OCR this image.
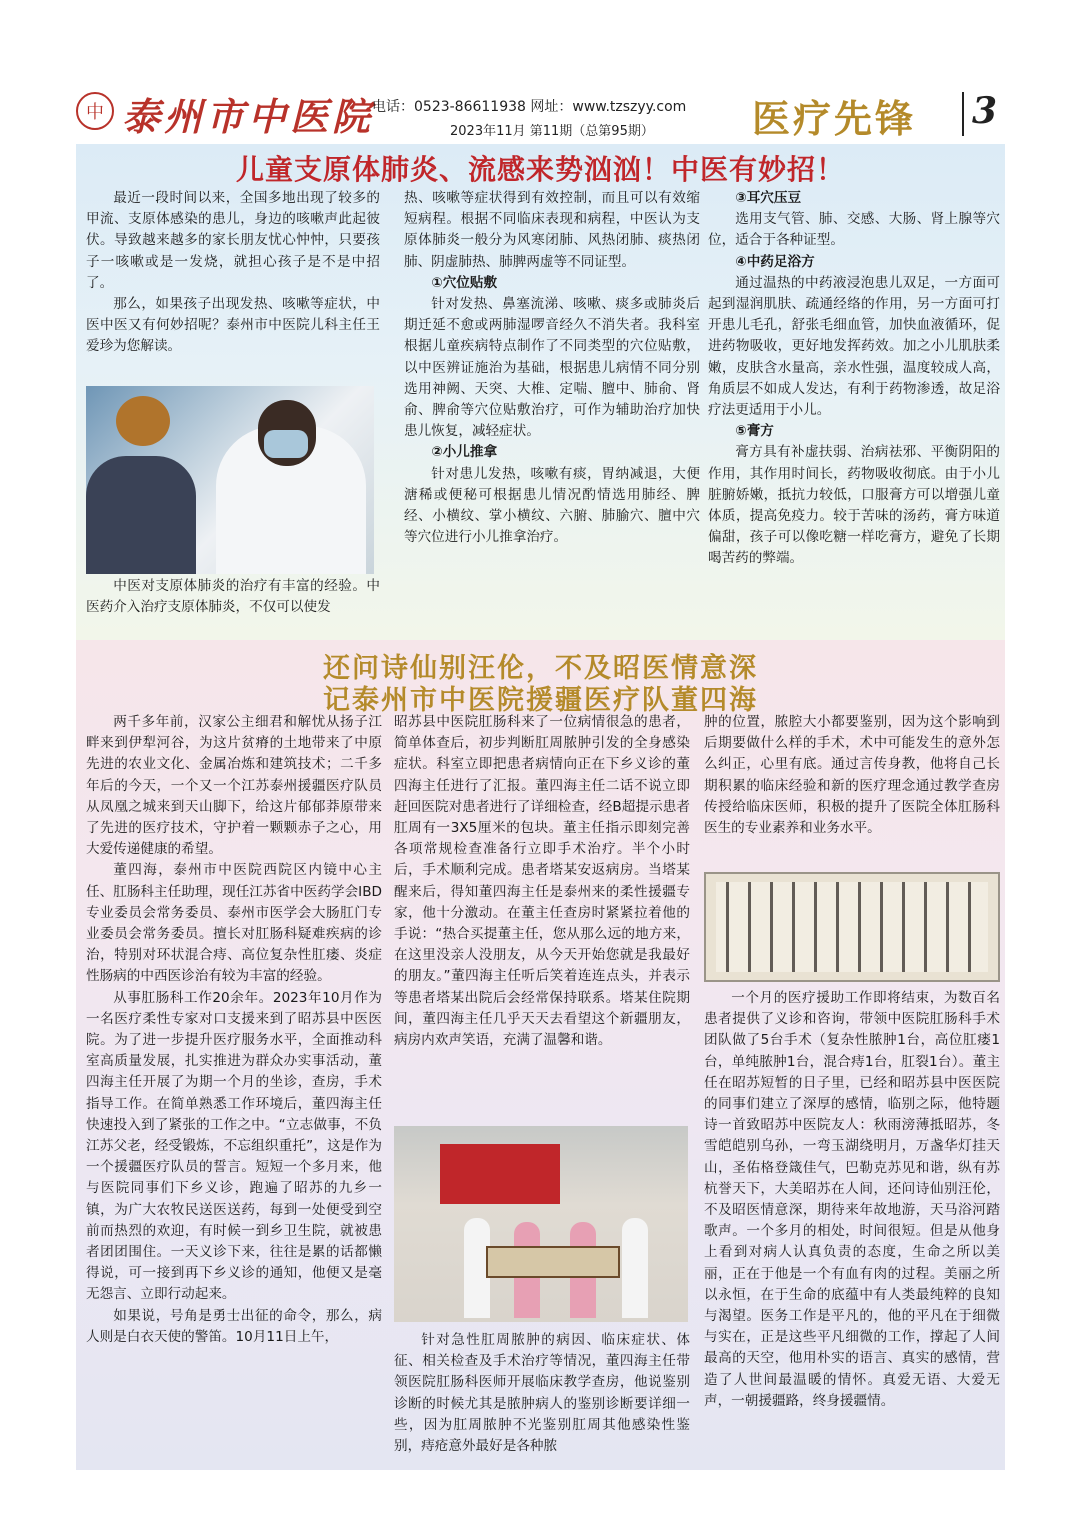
中 泰州市中医院
电话：0523-86611938 网址：www.tzszyy.com
2023年11月 第11期（总第95期）	医疗先锋 3
儿童支原体肺炎、流感来势汹汹！中医有妙招！

最近一段时间以来，全国多地出现了较多的甲流、支原体感染的患儿，身边的咳嗽声此起彼伏。导致越来越多的家长朋友忧心忡忡，只要孩子一咳嗽或是一发烧，就担心孩子是不是中招了。

那么，如果孩子出现发热、咳嗽等症状，中医中医又有何妙招呢？泰州市中医院儿科主任王爱珍为您解读。

中医对支原体肺炎的治疗有丰富的经验。中医药介入治疗支原体肺炎，不仅可以使发

热、咳嗽等症状得到有效控制，而且可以有效缩短病程。根据不同临床表现和病程，中医认为支原体肺炎一般分为风寒闭肺、风热闭肺、痰热闭肺、阴虚肺热、肺脾两虚等不同证型。

①穴位贴敷

针对发热、鼻塞流涕、咳嗽、痰多或肺炎后期迁延不愈或两肺湿啰音经久不消失者。我科室根据儿童疾病特点制作了不同类型的穴位贴敷，以中医辨证施治为基础，根据患儿病情不同分别选用神阙、天突、大椎、定喘、膻中、肺俞、肾俞、脾俞等穴位贴敷治疗，可作为辅助治疗加快患儿恢复，减轻症状。

②小儿推拿

针对患儿发热，咳嗽有痰，胃纳减退，大便溏稀或便秘可根据患儿情况酌情选用肺经、脾经、小横纹、掌小横纹、六腑、肺腧穴、膻中穴等穴位进行小儿推拿治疗。

③耳穴压豆

选用支气管、肺、交感、大肠、肾上腺等穴位，适合于各种证型。

④中药足浴方

通过温热的中药液浸泡患儿双足，一方面可起到湿润肌肤、疏通经络的作用，另一方面可打开患儿毛孔，舒张毛细血管，加快血液循环，促进药物吸收，更好地发挥药效。加之小儿肌肤柔嫩，皮肤含水量高，亲水性强，温度较成人高，角质层不如成人发达，有利于药物渗透，故足浴疗法更适用于小儿。

⑤膏方

膏方具有补虚扶弱、治病祛邪、平衡阴阳的作用，其作用时间长，药物吸收彻底。由于小儿脏腑娇嫩，抵抗力较低，口服膏方可以增强儿童体质，提高免疫力。较于苦味的汤药，膏方味道偏甜，孩子可以像吃糖一样吃膏方，避免了长期喝苦药的弊端。

还问诗仙别汪伦，不及昭医情意深
记泰州市中医院援疆医疗队董四海

两千多年前，汉家公主细君和解忧从扬子江畔来到伊犁河谷，为这片贫瘠的土地带来了中原先进的农业文化、金属冶炼和建筑技术；二千多年后的今天，一个又一个江苏泰州援疆医疗队员从凤凰之城来到天山脚下，给这片郁郁莽原带来了先进的医疗技术，守护着一颗颗赤子之心，用大爱传递健康的希望。

董四海，泰州市中医院西院区内镜中心主任、肛肠科主任助理，现任江苏省中医药学会IBD专业委员会常务委员、泰州市医学会大肠肛门专业委员会常务委员。擅长对肛肠科疑难疾病的诊治，特别对环状混合痔、高位复杂性肛瘘、炎症性肠病的中西医诊治有较为丰富的经验。

从事肛肠科工作20余年。2023年10月作为一名医疗柔性专家对口支援来到了昭苏县中医医院。为了进一步提升医疗服务水平，全面推动科室高质量发展，扎实推进为群众办实事活动，董四海主任开展了为期一个月的坐诊，查房，手术指导工作。在简单熟悉工作环境后，董四海主任快速投入到了紧张的工作之中。“立志做事，不负江苏父老，经受锻炼，不忘组织重托”，这是作为一个援疆医疗队员的誓言。短短一个多月来，他与医院同事们下乡义诊，跑遍了昭苏的九乡一镇，为广大农牧民送医送药，每到一处便受到空前而热烈的欢迎，有时候一到乡卫生院，就被患者团团围住。一天义诊下来，往往是累的话都懒得说，可一接到再下乡义诊的通知，他便又是毫无怨言、立即行动起来。

如果说，号角是勇士出征的命令，那么，病人则是白衣天使的警笛。10月11日上午，

昭苏县中医院肛肠科来了一位病情很急的患者，简单体查后，初步判断肛周脓肿引发的全身感染症状。科室立即把患者病情向正在下乡义诊的董四海主任进行了汇报。董四海主任二话不说立即赶回医院对患者进行了详细检查，经B超提示患者肛周有一3X5厘米的包块。董主任指示即刻完善各项常规检查准备行立即手术治疗。半个小时后，手术顺利完成。患者塔某安返病房。当塔某醒来后，得知董四海主任是泰州来的柔性援疆专家，他十分激动。在董主任查房时紧紧拉着他的手说：“热合买提董主任，您从那么远的地方来，在这里没亲人没朋友，从今天开始您就是我最好的朋友。”董四海主任听后笑着连连点头，并表示等患者塔某出院后会经常保持联系。塔某住院期间，董四海主任几乎天天去看望这个新疆朋友，病房内欢声笑语，充满了温馨和谐。

针对急性肛周脓肿的病因、临床症状、体征、相关检查及手术治疗等情况，董四海主任带领医院肛肠科医师开展临床教学查房，他说鉴别诊断的时候尤其是脓肿病人的鉴别诊断要详细一些，因为肛周脓肿不光鉴别肛周其他感染性鉴别，痔疮意外最好是各种脓

肿的位置，脓腔大小都要鉴别，因为这个影响到后期要做什么样的手术，术中可能发生的意外怎么纠正，心里有底。通过言传身教，他将自己长期积累的临床经验和新的医疗理念通过教学查房传授给临床医师，积极的提升了医院全体肛肠科医生的专业素养和业务水平。

一个月的医疗援助工作即将结束，为数百名患者提供了义诊和咨询，带领中医院肛肠科手术团队做了5台手术（复杂性脓肿1台，高位肛瘘1台，单纯脓肿1台，混合痔1台，肛裂1台）。董主任在昭苏短暂的日子里，已经和昭苏县中医医院的同事们建立了深厚的感情，临别之际，他特题诗一首致昭苏中医院友人：秋雨滂薄抵昭苏，冬雪皑皑别乌孙，一弯玉湖绕明月，万盏华灯挂天山，圣佑格登箴佳气，巴勒克苏见和谐，纵有苏杭誉天下，大美昭苏在人间，还问诗仙别汪伦，不及昭医情意深，期待来年故地游，天马浴河踏歌声。一个多月的相处，时间很短。但是从他身上看到对病人认真负责的态度，生命之所以美丽，正在于他是一个有血有肉的过程。美丽之所以永恒，在于生命的底蕴中有人类最纯粹的良知与渴望。医务工作是平凡的，他的平凡在于细微与实在，正是这些平凡细微的工作，撑起了人间最高的天空，他用朴实的语言、真实的感情，营造了人世间最温暖的情怀。真爱无语、大爱无声，一朝援疆路，终身援疆情。
